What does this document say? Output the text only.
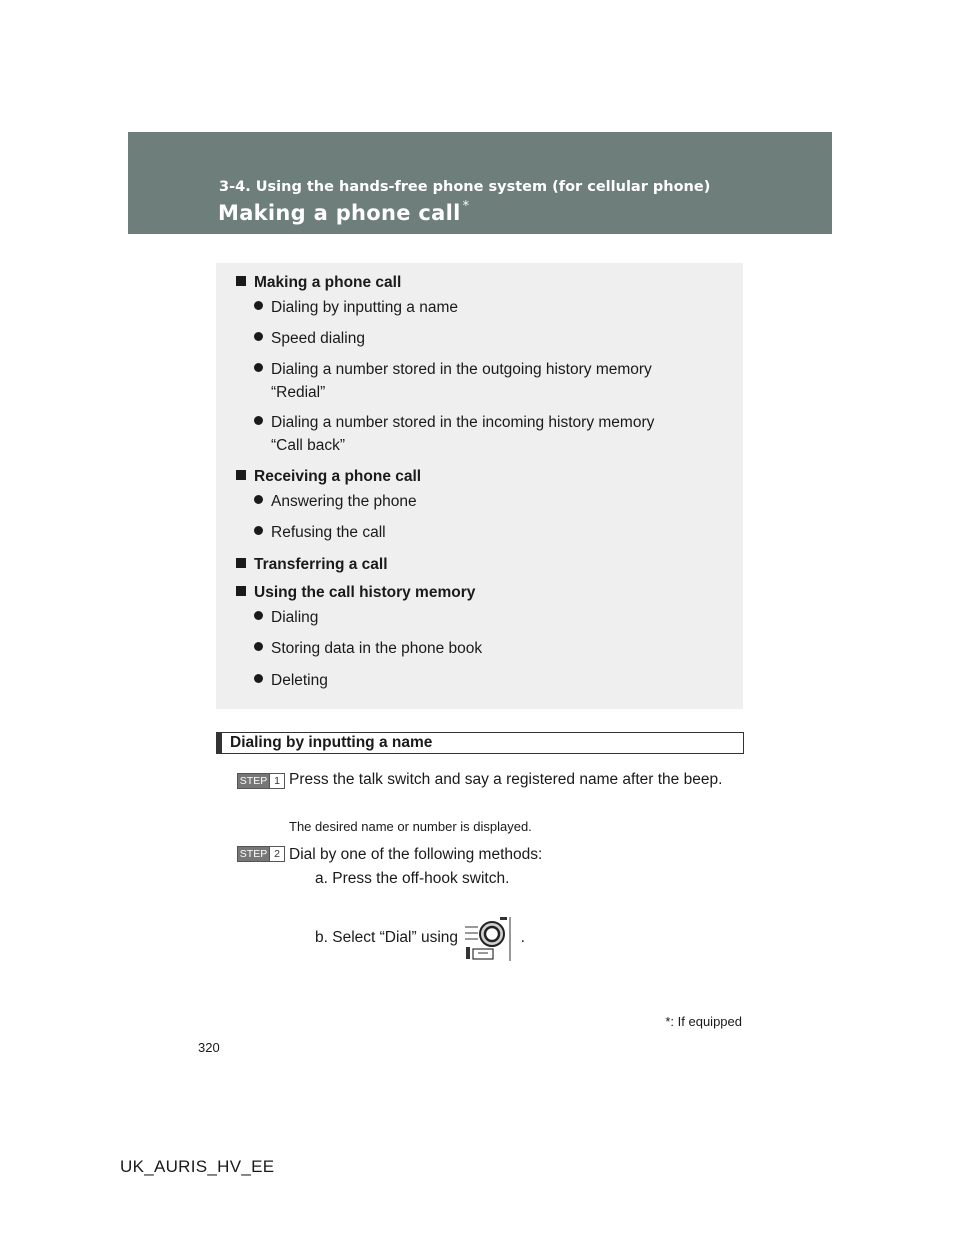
3-4. Using the hands-free phone system (for cellular phone)
Making a phone call *
Making a phone call
Dialing by inputting a name
Speed dialing
Dialing a number stored in the outgoing history memory
“Redial”
Dialing a number stored in the incoming history memory
“Call back”
Receiving a phone call
Answering the phone
Refusing the call
Transferring a call
Using the call history memory
Dialing
Storing data in the phone book
Deleting
Dialing by inputting a name
STEP 1 Press the talk switch and say a registered name after the beep.
The desired name or number is displayed.
STEP 2 Dial by one of the following methods:
a. Press the off-hook switch.
b. Select “Dial” using	.
*: If equipped
320
UK_AURIS_HV_EE
